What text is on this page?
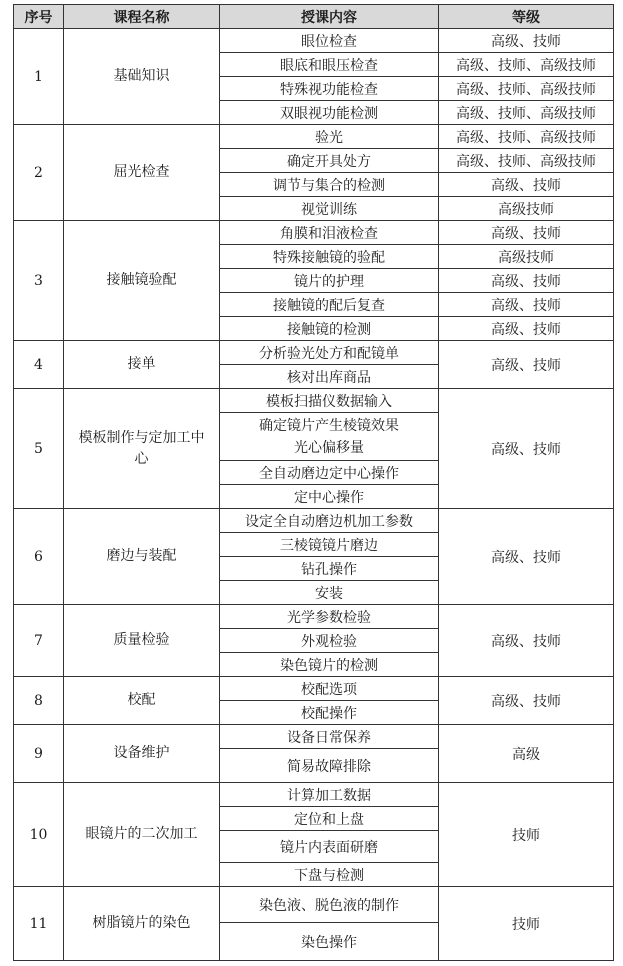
序号	课程名称	授课内容	等级
1	基础知识	眼位检查	高级、技师
		眼底和眼压检查	高级、技师、高级技师
		特殊视功能检查	高级、技师、高级技师
		双眼视功能检测	高级、技师、高级技师
2	屈光检查	验光	高级、技师、高级技师
		确定开具处方	高级、技师、高级技师
		调节与集合的检测	高级、技师
		视觉训练	高级技师
3	接触镜验配	角膜和泪液检查	高级、技师
		特殊接触镜的验配	高级技师
		镜片的护理	高级、技师
		接触镜的配后复查	高级、技师
		接触镜的检测	高级、技师
4	接单	分析验光处方和配镜单	高级、技师
		核对出库商品	
5	模板制作与定加工中心	模板扫描仪数据输入	高级、技师

		确定镜片产生棱镜效果
光心偏移量	

		全自动磨边定中心操作	
		定中心操作	
6	磨边与装配	设定全自动磨边机加工参数	高级、技师
		三棱镜镜片磨边	
		钻孔操作	
		安装	
7	质量检验	光学参数检验	高级、技师
		外观检验	
		染色镜片的检测	
8	校配	校配选项	高级、技师
		校配操作	
9	设备维护	设备日常保养	高级
		简易故障排除	
10	眼镜片的二次加工	计算加工数据	技师
		定位和上盘	
		镜片内表面研磨	
		下盘与检测	
11	树脂镜片的染色	染色液、脱色液的制作	技师
		染色操作	
